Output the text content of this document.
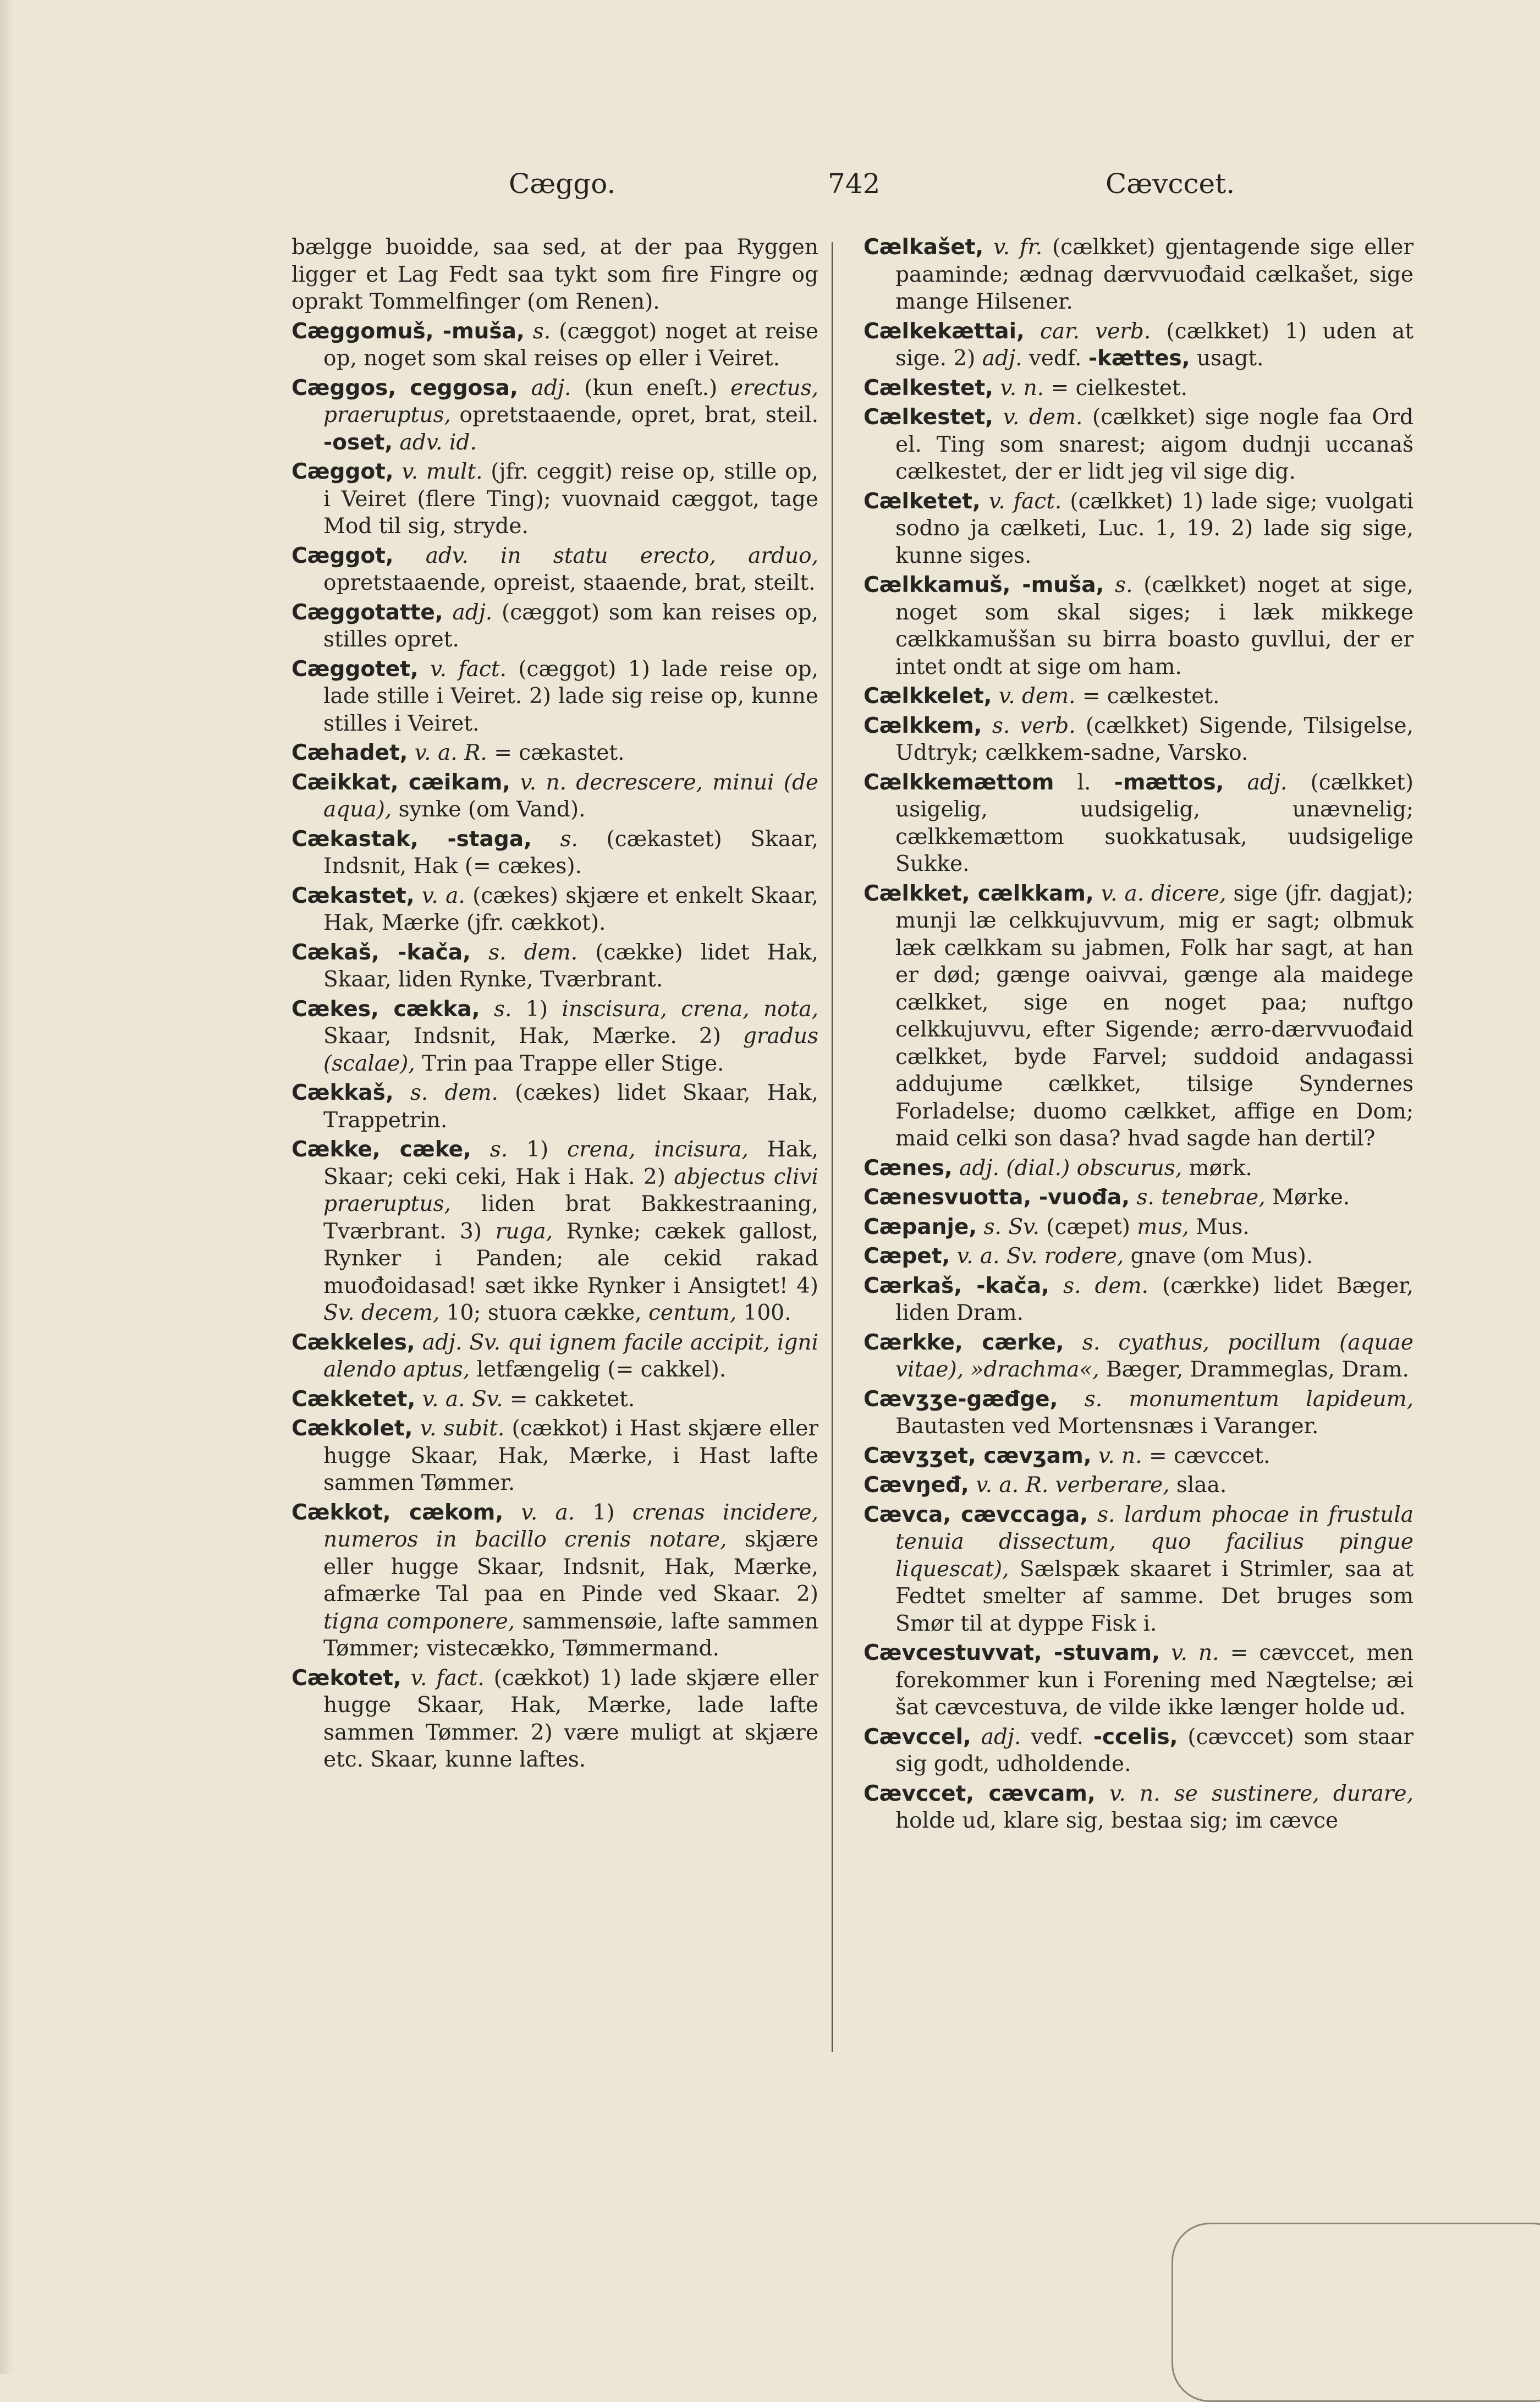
Cæggo.	742	Cævccet.

bælgge buoidde, saa sed, at der paa Ryggen ligger et Lag Fedt saa tykt som fire Fingre og oprakt Tommelfinger (om Renen).

Cæggomuš, -muša, s. (cæggot) noget at reise op, noget som skal reises op eller i Veiret.

Cæggos, ceggosa, adj. (kun eneſt.) erectus, praeruptus, opretstaaende, opret, brat, steil. -oset, adv. id.

Cæggot, v. mult. (jfr. ceggit) reise op, stille op, i Veiret (flere Ting); vuovnaid cæggot, tage Mod til sig, stryde.

Cæggot, adv. in statu erecto, arduo, opretstaaende, opreist, staaende, brat, steilt.

Cæggotatte, adj. (cæggot) som kan reises op, stilles opret.

Cæggotet, v. fact. (cæggot) 1) lade reise op, lade stille i Veiret. 2) lade sig reise op, kunne stilles i Veiret.

Cæhadet, v. a. R. = cækastet.

Cæikkat, cæikam, v. n. decrescere, minui (de aqua), synke (om Vand).

Cækastak, -staga, s. (cækastet) Skaar, Indsnit, Hak (= cækes).

Cækastet, v. a. (cækes) skjære et enkelt Skaar, Hak, Mærke (jfr. cækkot).

Cækaš, -kača, s. dem. (cække) lidet Hak, Skaar, liden Rynke, Tværbrant.

Cækes, cækka, s. 1) inscisura, crena, nota, Skaar, Indsnit, Hak, Mærke. 2) gradus (scalae), Trin paa Trappe eller Stige.

Cækkaš, s. dem. (cækes) lidet Skaar, Hak, Trappetrin.

Cække, cæke, s. 1) crena, incisura, Hak, Skaar; ceki ceki, Hak i Hak. 2) abjectus clivi praeruptus, liden brat Bakkestraaning, Tværbrant. 3) ruga, Rynke; cækek gallost, Rynker i Panden; ale cekid rakad muođoidasad! sæt ikke Rynker i Ansigtet! 4) Sv. decem, 10; stuora cække, centum, 100.

Cækkeles, adj. Sv. qui ignem facile accipit, igni alendo aptus, letfængelig (= cakkel).

Cækketet, v. a. Sv. = cakketet.

Cækkolet, v. subit. (cækkot) i Hast skjære eller hugge Skaar, Hak, Mærke, i Hast lafte sammen Tømmer.

Cækkot, cækom, v. a. 1) crenas incidere, numeros in bacillo crenis notare, skjære eller hugge Skaar, Indsnit, Hak, Mærke, afmærke Tal paa en Pinde ved Skaar. 2) tigna componere, sammensøie, lafte sammen Tømmer; vistecækko, Tømmermand.

Cækotet, v. fact. (cækkot) 1) lade skjære eller hugge Skaar, Hak, Mærke, lade lafte sammen Tømmer. 2) være muligt at skjære etc. Skaar, kunne laftes.

Cælkašet, v. fr. (cælkket) gjentagende sige eller paaminde; ædnag dærvvuođaid cælkašet, sige mange Hilsener.

Cælkekættai, car. verb. (cælkket) 1) uden at sige. 2) adj. vedf. -kættes, usagt.

Cælkestet, v. n. = cielkestet.

Cælkestet, v. dem. (cælkket) sige nogle faa Ord el. Ting som snarest; aigom dudnji uccanaš cælkestet, der er lidt jeg vil sige dig.

Cælketet, v. fact. (cælkket) 1) lade sige; vuolgati sodno ja cælketi, Luc. 1, 19. 2) lade sig sige, kunne siges.

Cælkkamuš, -muša, s. (cælkket) noget at sige, noget som skal siges; i læk mikkege cælkkamuššan su birra boasto guvllui, der er intet ondt at sige om ham.

Cælkkelet, v. dem. = cælkestet.

Cælkkem, s. verb. (cælkket) Sigende, Tilsigelse, Udtryk; cælkkem-sadne, Varsko.

Cælkkemættom l. -mættos, adj. (cælkket) usigelig, uudsigelig, unævnelig; cælkkemættom suokkatusak, uudsigelige Sukke.

Cælkket, cælkkam, v. a. dicere, sige (jfr. dagjat); munji læ celkkujuvvum, mig er sagt; olbmuk læk cælkkam su jabmen, Folk har sagt, at han er død; gænge oaivvai, gænge ala maidege cælkket, sige en noget paa; nuftgo celkkujuvvu, efter Sigende; ærro-dærvvuođaid cælkket, byde Farvel; suddoid andagassi addujume cælkket, tilsige Syndernes Forladelse; duomo cælkket, affige en Dom; maid celki son dasa? hvad sagde han dertil?

Cænes, adj. (dial.) obscurus, mørk.

Cænesvuotta, -vuođa, s. tenebrae, Mørke.

Cæpanje, s. Sv. (cæpet) mus, Mus.

Cæpet, v. a. Sv. rodere, gnave (om Mus).

Cærkaš, -kača, s. dem. (cærkke) lidet Bæger, liden Dram.

Cærkke, cærke, s. cyathus, pocillum (aquae vitae), »drachma«, Bæger, Drammeglas, Dram.

Cævʒʒe-gæđge, s. monumentum lapideum, Bautasten ved Mortensnæs i Varanger.

Cævʒʒet, cævʒam, v. n. = cævccet.

Cævŋeđ, v. a. R. verberare, slaa.

Cævca, cævccaga, s. lardum phocae in frustula tenuia dissectum, quo facilius pingue liquescat), Sælspæk skaaret i Strimler, saa at Fedtet smelter af samme. Det bruges som Smør til at dyppe Fisk i.

Cævcestuvvat, -stuvam, v. n. = cævccet, men forekommer kun i Forening med Nægtelse; æi šat cævcestuva, de vilde ikke længer holde ud.

Cævccel, adj. vedf. -ccelis, (cævccet) som staar sig godt, udholdende.

Cævccet, cævcam, v. n. se sustinere, durare, holde ud, klare sig, bestaa sig; im cævce
